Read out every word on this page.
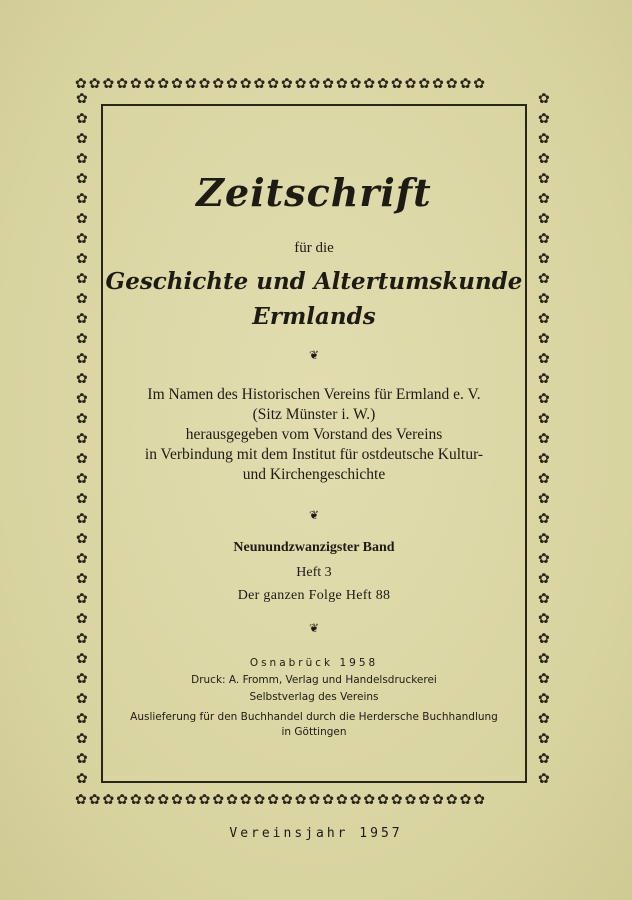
✿✿✿✿✿✿✿✿✿✿✿✿✿✿✿✿✿✿✿✿✿✿✿✿✿✿✿✿✿✿
✿✿✿✿✿✿✿✿✿✿✿✿✿✿✿✿✿✿✿✿✿✿✿✿✿✿✿✿✿✿
✿
✿
✿
✿
✿
✿
✿
✿
✿
✿
✿
✿
✿
✿
✿
✿
✿
✿
✿
✿
✿
✿
✿
✿
✿
✿
✿
✿
✿
✿
✿
✿
✿
✿
✿
✿
✿
✿
✿
✿
✿
✿
✿
✿
✿
✿
✿
✿
✿
✿
✿
✿
✿
✿
✿
✿
✿
✿
✿
✿
✿
✿
✿
✿
✿
✿
✿
✿
✿
✿
Zeitschrift
für die
Geschichte und Altertumskunde
Ermlands
❦
Im Namen des Historischen Vereins für Ermland e. V.
(Sitz Münster i. W.)
herausgegeben vom Vorstand des Vereins
in Verbindung mit dem Institut für ostdeutsche Kultur-
und Kirchengeschichte
❦
Neunundzwanzigster Band
Heft 3
Der ganzen Folge Heft 88
❦
Osnabrück 1958
Druck: A. Fromm, Verlag und Handelsdruckerei
Selbstverlag des Vereins
Auslieferung für den Buchhandel durch die Herdersche Buchhandlung
in Göttingen
Vereinsjahr 1957
